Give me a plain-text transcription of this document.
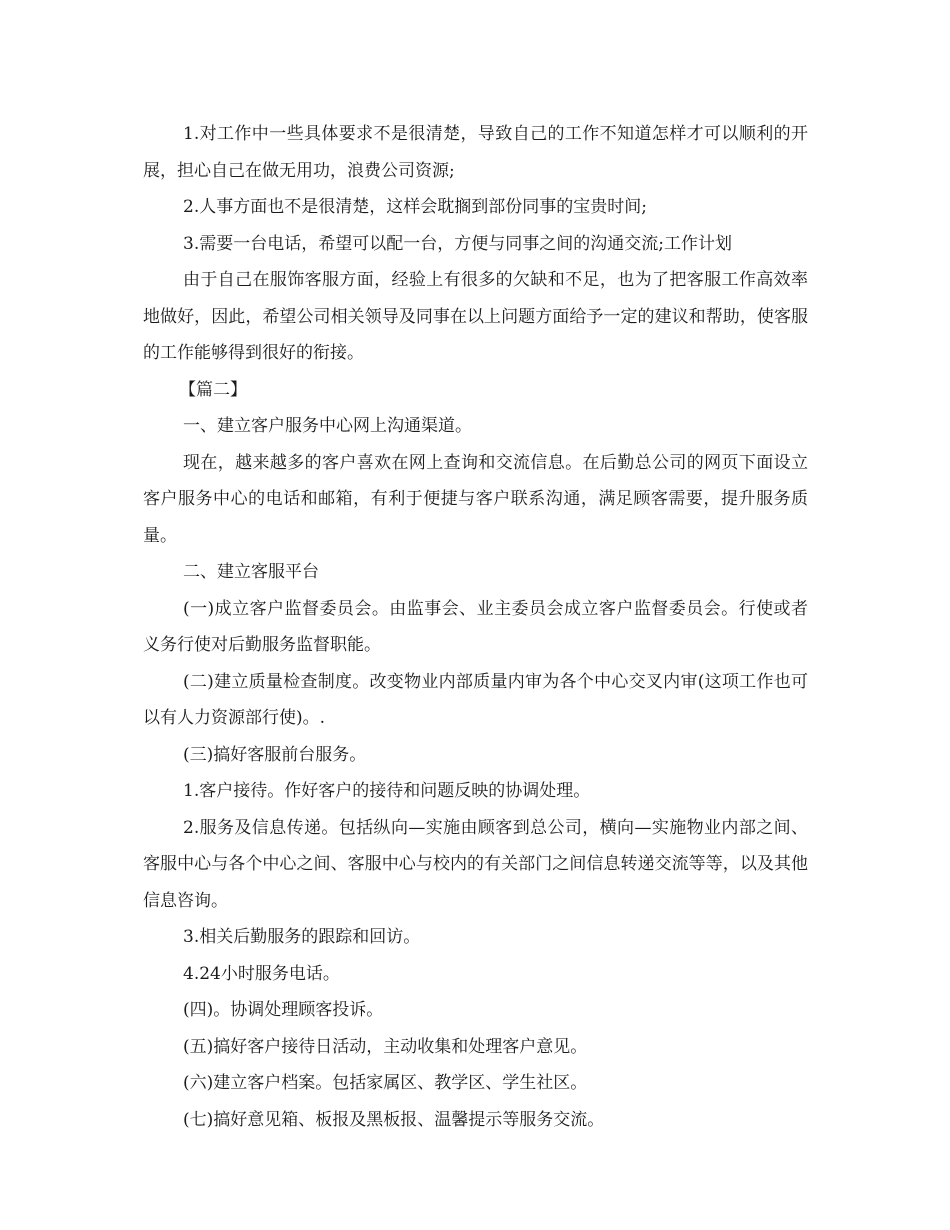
1.对工作中一些具体要求不是很清楚，导致自己的工作不知道怎样才可以顺利的开展，担心自己在做无用功，浪费公司资源;

2.人事方面也不是很清楚，这样会耽搁到部份同事的宝贵时间;

3.需要一台电话，希望可以配一台，方便与同事之间的沟通交流;工作计划

由于自己在服饰客服方面，经验上有很多的欠缺和不足，也为了把客服工作高效率地做好，因此，希望公司相关领导及同事在以上问题方面给予一定的建议和帮助，使客服的工作能够得到很好的衔接。

【篇二】

一、建立客户服务中心网上沟通渠道。

现在，越来越多的客户喜欢在网上查询和交流信息。在后勤总公司的网页下面设立客户服务中心的电话和邮箱，有利于便捷与客户联系沟通，满足顾客需要，提升服务质量。

二、建立客服平台

(一)成立客户监督委员会。由监事会、业主委员会成立客户监督委员会。行使或者义务行使对后勤服务监督职能。

(二)建立质量检查制度。改变物业内部质量内审为各个中心交叉内审(这项工作也可以有人力资源部行使)。.

(三)搞好客服前台服务。

1.客户接待。作好客户的接待和问题反映的协调处理。

2.服务及信息传递。包括纵向—实施由顾客到总公司，横向—实施物业内部之间、客服中心与各个中心之间、客服中心与校内的有关部门之间信息转递交流等等，以及其他信息咨询。

3.相关后勤服务的跟踪和回访。

4.24小时服务电话。

(四)。协调处理顾客投诉。

(五)搞好客户接待日活动，主动收集和处理客户意见。

(六)建立客户档案。包括家属区、教学区、学生社区。

(七)搞好意见箱、板报及黑板报、温馨提示等服务交流。
